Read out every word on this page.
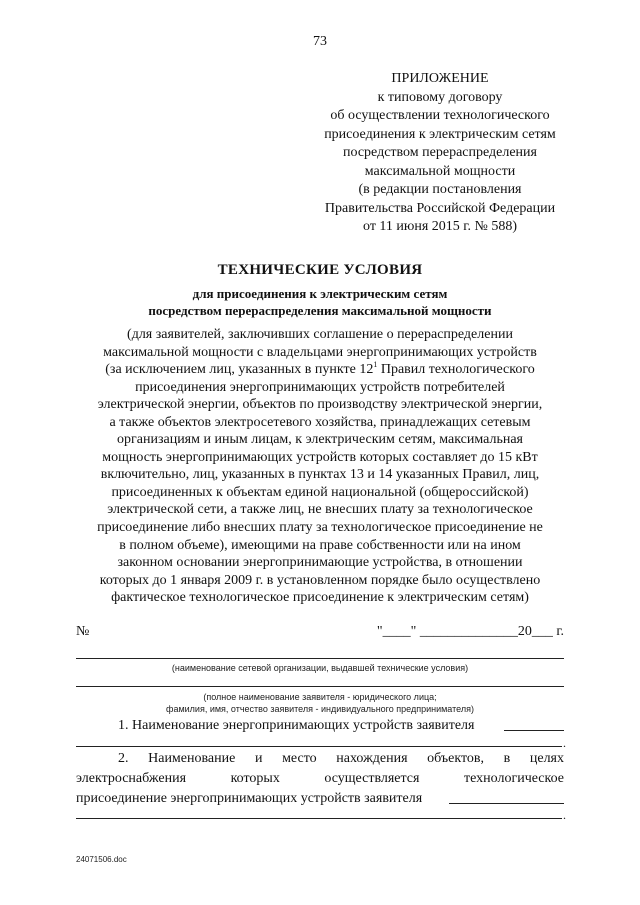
73
ПРИЛОЖЕНИЕ
к типовому договору
об осуществлении технологического
присоединения к электрическим сетям
посредством перераспределения
максимальной мощности
(в редакции постановления
Правительства Российской Федерации
от 11 июня 2015 г. № 588)
ТЕХНИЧЕСКИЕ УСЛОВИЯ
для присоединения к электрическим сетям
посредством перераспределения максимальной мощности
(для заявителей, заключивших соглашение о перераспределении
максимальной мощности с владельцами энергопринимающих устройств
(за исключением лиц, указанных в пункте $12^1$ Правил технологического
присоединения энергопринимающих устройств потребителей
электрической энергии, объектов по производству электрической энергии,
а также объектов электросетевого хозяйства, принадлежащих сетевым
организациям и иным лицам, к электрическим сетям, максимальная
мощность энергопринимающих устройств которых составляет до 15 кВт
включительно, лиц, указанных в пунктах 13 и 14 указанных Правил, лиц,
присоединенных к объектам единой национальной (общероссийской)
электрической сети, а также лиц, не внесших плату за технологическое
присоединение либо внесших плату за технологическое присоединение не
в полном объеме), имеющими на праве собственности или на ином
законном основании энергопринимающие устройства, в отношении
которых до 1 января 2009 г. в установленном порядке было осуществлено
фактическое технологическое присоединение к электрическим сетям)
№	"____" ______________20___ г.
(наименование сетевой организации, выдавшей технические условия)
(полное наименование заявителя - юридического лица;
фамилия, имя, отчество заявителя - индивидуального предпринимателя)
1. Наименование энергопринимающих устройств заявителя
.
2. Наименование и место нахождения объектов, в целях
электроснабжения которых осуществляется технологическое
присоединение энергопринимающих устройств заявителя
.
24071506.doc
